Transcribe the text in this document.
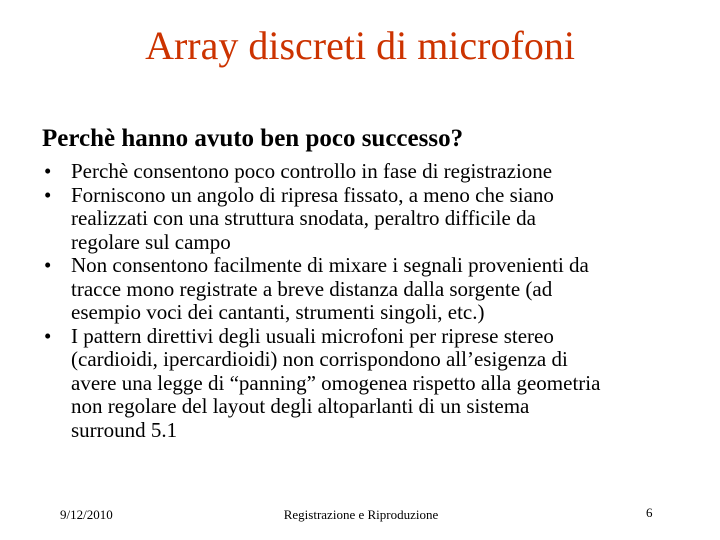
Array discreti di microfoni
Perchè hanno avuto ben poco successo?
• Perchè consentono poco controllo in fase di registrazione
• Forniscono un angolo di ripresa fissato, a meno che siano
realizzati con una struttura snodata, peraltro difficile da
regolare sul campo
• Non consentono facilmente di mixare i segnali provenienti da
tracce mono registrate a breve distanza dalla sorgente (ad
esempio voci dei cantanti, strumenti singoli, etc.)
• I pattern direttivi degli usuali microfoni per riprese stereo
(cardioidi, ipercardioidi) non corrispondono all’esigenza di
avere una legge di “panning” omogenea rispetto alla geometria
non regolare del layout degli altoparlanti di un sistema
surround 5.1
9/12/2010	Registrazione e Riproduzione	6
